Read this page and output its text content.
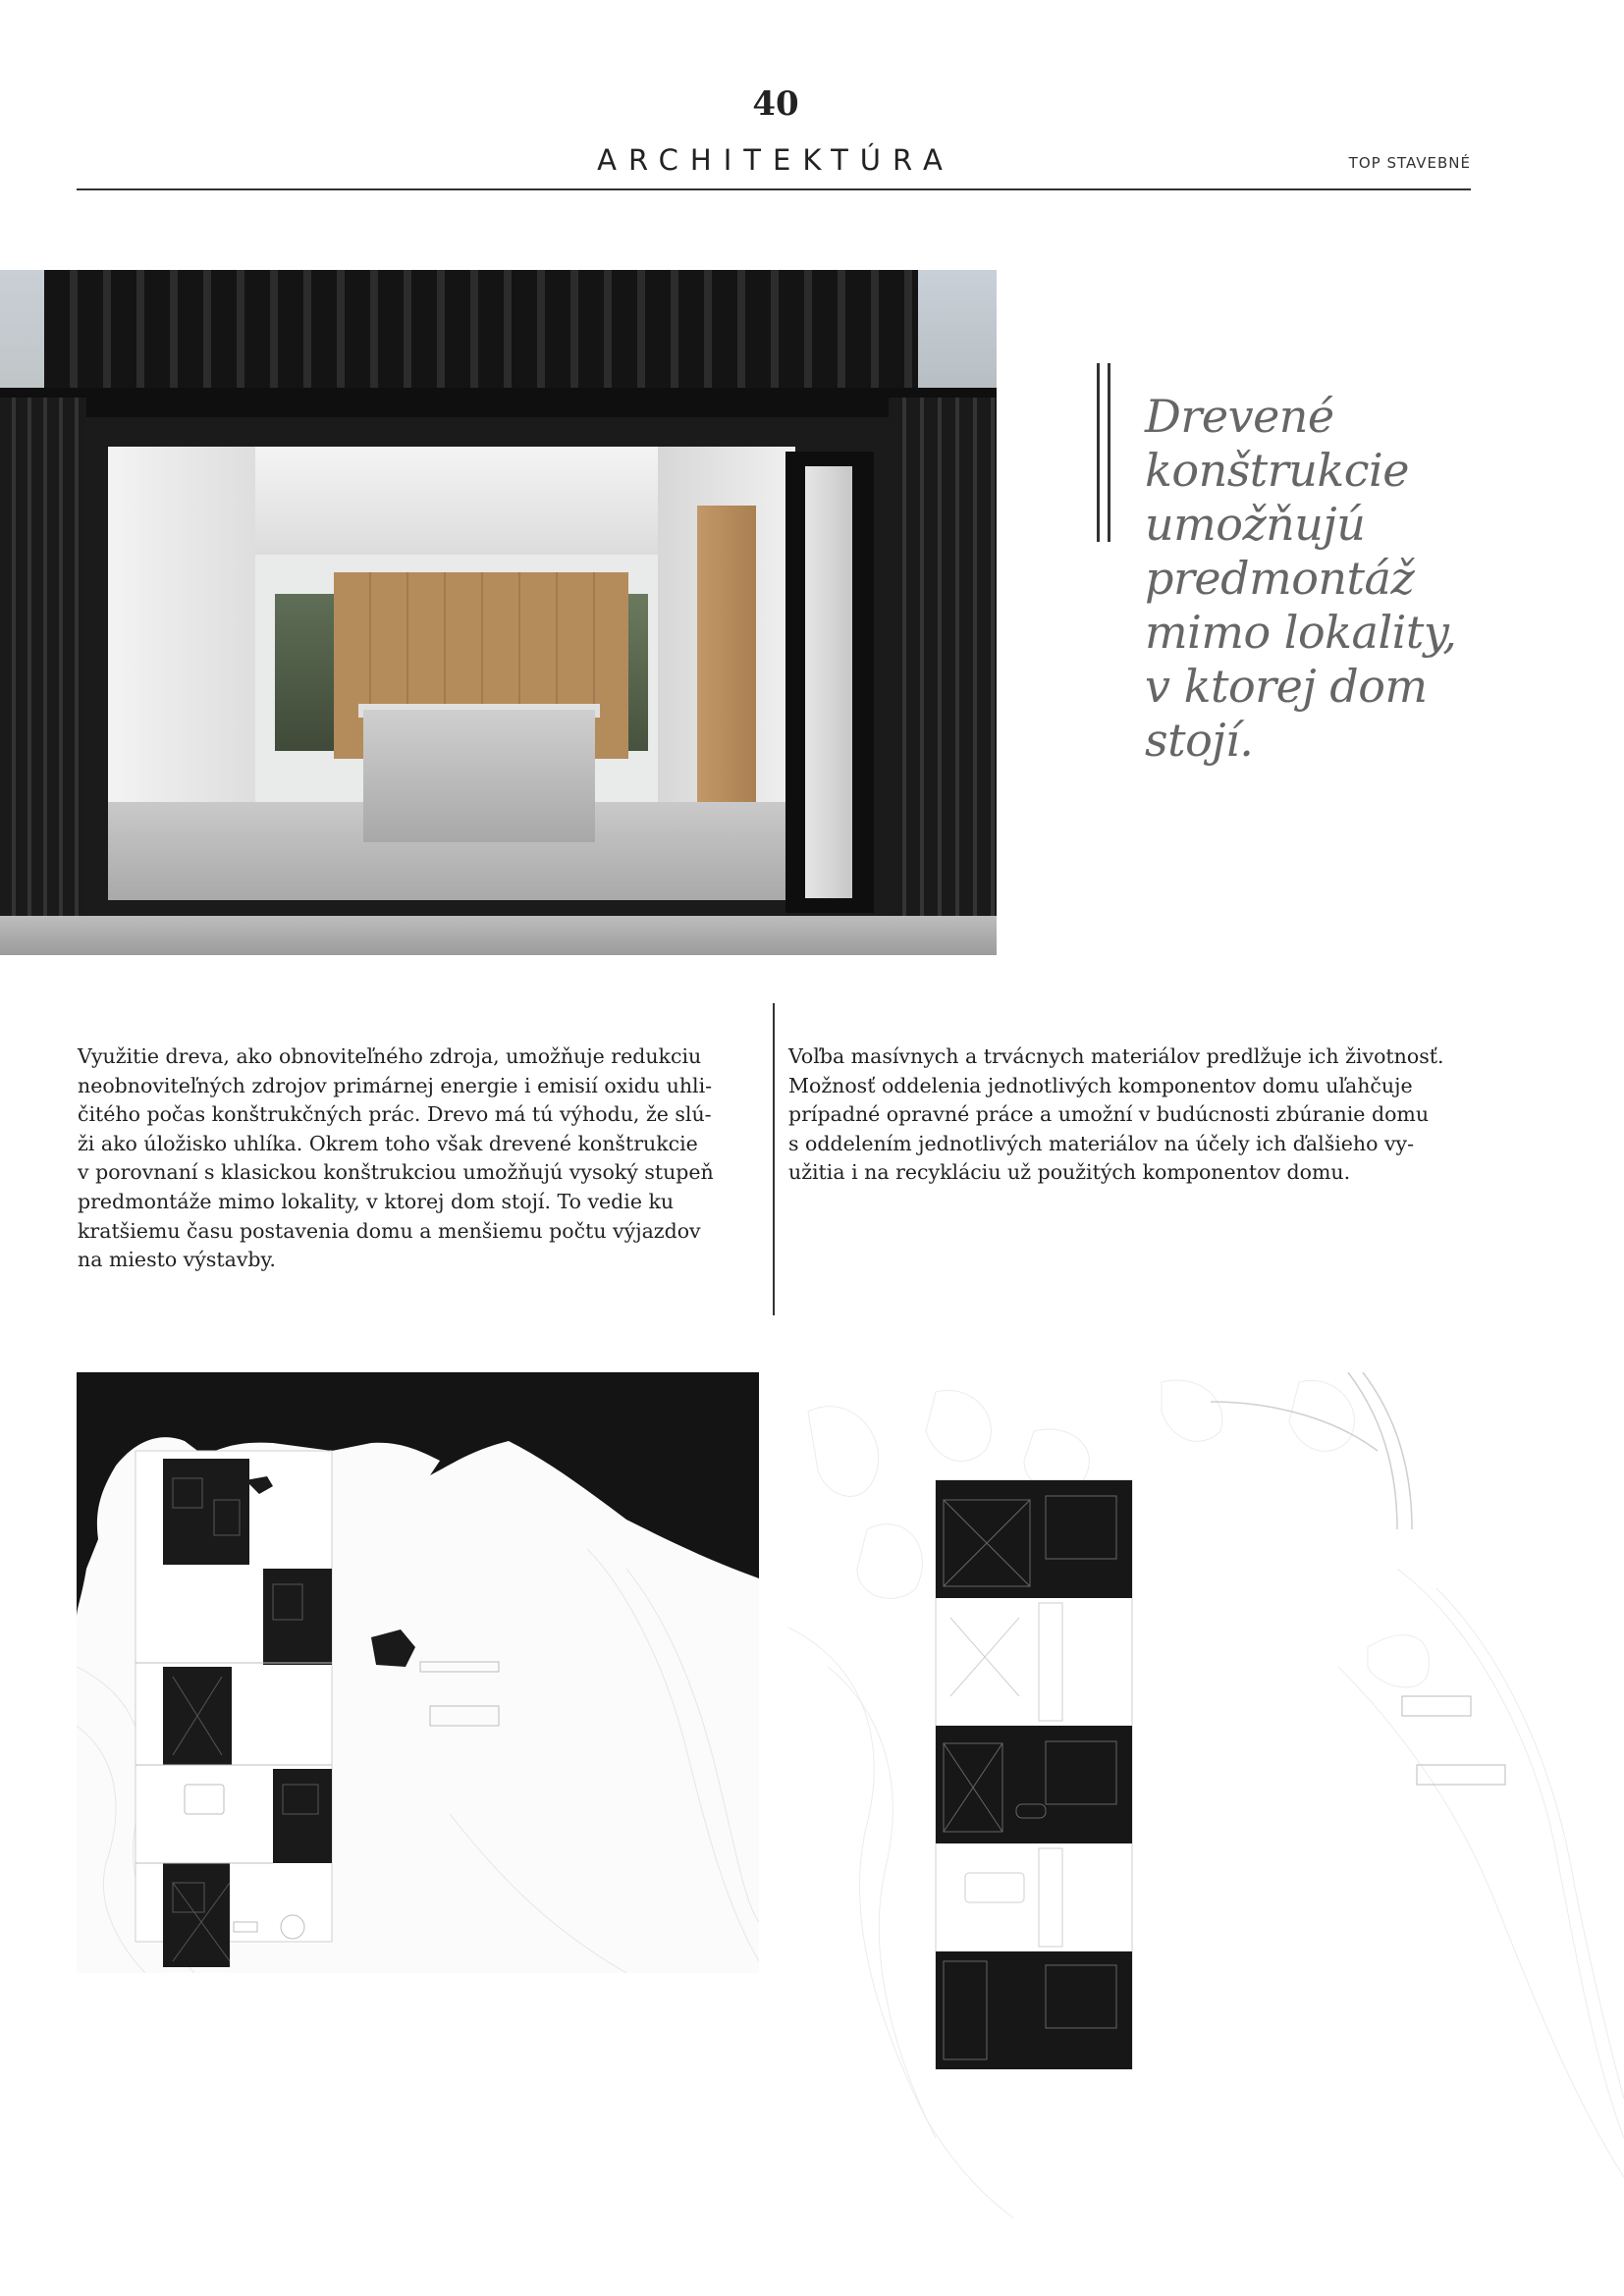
40
ARCHITEKTÚRA	TOP STAVEBNÉ
Drevené
konštrukcie
umožňujú
predmontáž
mimo lokality,
v ktorej dom
stojí.
Využitie dreva, ako obnoviteľného zdroja, umožňuje redukciu
neobnoviteľných zdrojov primárnej energie i emisií oxidu uhli-
čitého počas konštrukčných prác. Drevo má tú výhodu, že slú-
ži ako úložisko uhlíka. Okrem toho však drevené konštrukcie
v porovnaní s klasickou konštrukciou umožňujú vysoký stupeň
predmontáže mimo lokality, v ktorej dom stojí. To vedie ku
kratšiemu času postavenia domu a menšiemu počtu výjazdov
na miesto výstavby.
Voľba masívnych a trvácnych materiálov predlžuje ich životnosť.
Možnosť oddelenia jednotlivých komponentov domu uľahčuje
prípadné opravné práce a umožní v budúcnosti zbúranie domu
s oddelením jednotlivých materiálov na účely ich ďalšieho vy-
užitia i na recykláciu už použitých komponentov domu.
